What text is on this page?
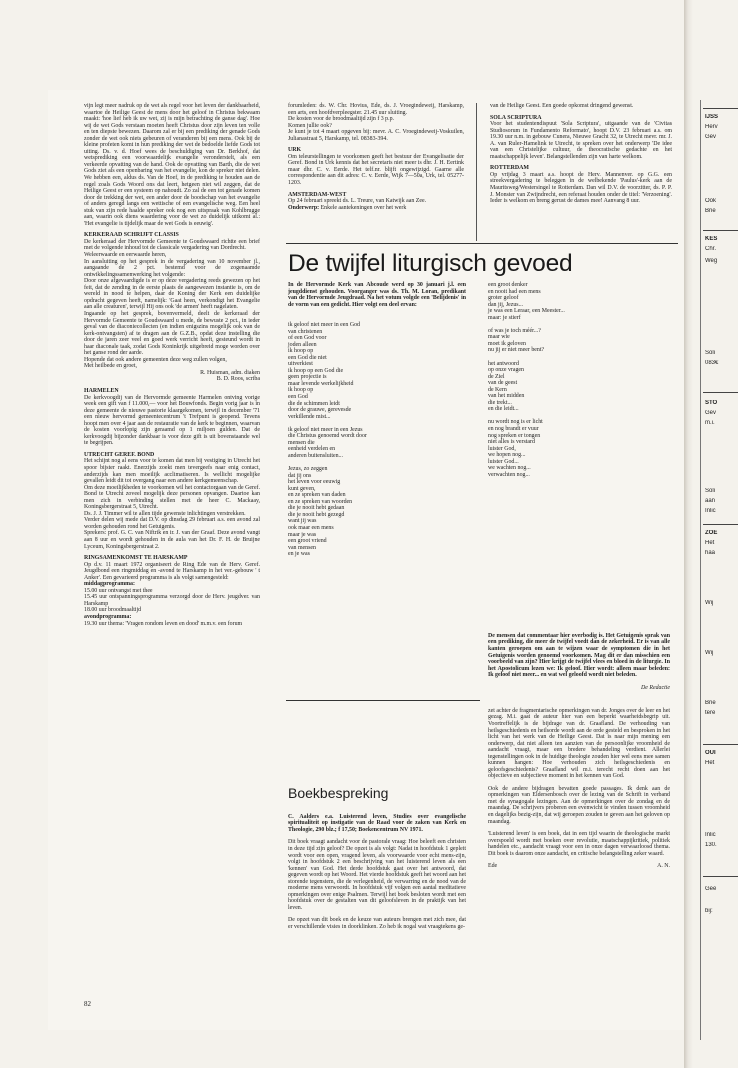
vijn legt meer nadruk op de wet als regel voor het leven der dankbaarheid, waartoe de Heilige Geest de mens door het geloof in Christus bekwaam maakt: 'hoe lief heb ik uw wet, zij is mijn betrachting de ganse dag'. Hoe wij de wet Gods verstaan moeten heeft Christus door zijn leven ten volle en ten diepste bewezen. Daarom zal er bij een prediking der genade Gods zonder de wet ook niets gebeuren of veranderen bij een mens. Ook bij de kleine profeten komt in hun prediking der wet de bedoelde liefde Gods tot uiting. Ds. v. d. Hoef wees de beschuldiging van Dr. Berkhof, dat wetsprediking een voorwaardelijk evangelie veronderstelt, als een verkeerde opvatting van de hand. Ook de opvatting van Barth, die de wet Gods ziet als een openbaring van het evangelie, kon de spreker niet delen. We hebben een, aldus ds. Van de Hoef, in de prediking te houden aan de regel zoals Gods Woord ons dat leert, hetgeen niet wil zeggen, dat de Heilige Geest er een systeem op nahoudt. Zo zal de een tot genade komen door de trekking der wet, een ander door de boodschap van het evangelie of anders geregd langs een wettische of een evangelische weg. Een heel stuk van zijn rede haalde spreker ook nog een uitspraak van Kohlbrugge aan, waarin ook diens waardering voor de wet zo duidelijk uitkomt al.: 'Het evangelie is tijdelijk maar de wet Gods is eeuwig'.

KERKERAAD SCHRIJFT CLASSIS

De kerkeraad der Hervormde Gemeente te Goudswaard richtte een brief met de volgende inhoud tot de classicale vergadering van Dordrecht.

Weleerwaarde en eerwaarde heren,

In aansluiting op het gesprek in de vergadering van 10 november jl., aangaande de 2 pct. bestemd voor de zogenaamde ontwikkelingssamenwerking het volgende:

Door onze afgevaardigde is er op deze vergadering reeds gewezen op het feit, dat de zending in de eerste plaats de aangewezen instantie is, om de wereld in nood te helpen, daar de Koning der Kerk een duidelijke opdracht gegeven heeft, namelijk: 'Gaat heen, verkondigt het Evangelie aan alle creaturen', terwijl Hij ons ook 'de armen' heeft nagelaten.

Ingaande op het gesprek, bovenvermeld, deelt de kerkeraad der Hervormde Gemeente te Goudswaard u mede, de bewuste 2 pct., in ieder geval van de diaconiecollecten (en indien enigszins mogelijk ook van de kerk-ontvangsten) af te dragen aan de G.Z.B., opdat deze instelling die door de jaren zeer veel en goed werk verricht heeft, gesteund wordt in haar diaconale taak, zodat Gods Koninkrijk uitgebreid moge worden over het ganse rond der aarde.

Hopende dat ook andere gemeenten deze weg zullen volgen,

Met heilbede en groet,

R. Huisman, adm. diaken

B. D. Roos, scriba

HARMELEN

De kerkvoogdij van de Hervormde gemeente Harmelen ontving vorige week een gift van f 11.000,— voor het Bouwfonds. Begin vorig jaar is in deze gemeente de nieuwe pastorie klaargekomen, terwijl in december '71 een nieuw hervormd gemeentecentrum 't Trefpunt is geopend. Tevens hoopt men over 4 jaar aan de restauratie van de kerk te beginnen, waarvan de kosten voorlopig zijn geraamd op 1 miljoen gulden. Dat de kerkvoogdij bijzonder dankbaar is voor deze gift is uit bovenstaande wel te begrijpen.

UTRECHT GEREF. BOND

Het schijnt nog al eens voor te komen dat men bij vestiging in Utrecht het spoor bijster raakt. Enerzijds zoekt men tevergeefs naar enig contact, anderzijds kan men moeilijk acclimatiseren. Is wellicht mogelijke gevallen leidt dit tot overgang naar een andere kerkgemeenschap.

Om deze moeilijkheden te voorkomen wil het contactorgaan van de Geref. Bond te Utrecht zoveel mogelijk deze personen opvangen. Daartoe kan men zich in verbinding stellen met de heer C. Mackaay, Koningsbergerstraat 5, Utrecht.

Ds. J. J. Timmer wil te allen tijde gewenste inlichtingen verstrekken.

Verder delen wij mede dat D.V. op dinsdag 29 februari a.s. een avond zal worden gehouden rond het Getuigenis.

Sprekers: prof. G. C. van Niftrik en ir. J. van der Graaf. Deze avond vangt aan 8 uur en wordt gehouden in de aula van het Dr. F. H. de Bruijne Lyceum, Koningsbergerstraat 2.

RINGSAMENKOMST TE HARSKAMP

Op d.v. 11 maart 1972 organiseert de Ring Ede van de Herv. Geref. Jeugdbond een ringmiddag en -avond te Harskamp in het ver.-gebouw ' t Anker'. Een gevarieerd programma is als volgt samengesteld:

middagprogramma:

15.00 uur ontvangst met thee

15.45 uur ontspanningsprogramma verzorgd door de Herv. jeugdver. van Harskamp

18.00 uur broodmaaltijd

avondprogramma:

19.30 uur thema: 'Vragen rondom leven en dood' m.m.v. een forum

forumleden: ds. W. Chr. Hovius, Ede, ds. J. Vroegindeweij, Harskamp, een arts, een hoofdverpleegster. 21.45 uur sluiting.

De kosten voor de broodmaaltijd zijn f 3 p.p.

Komen jullie ook?

Je kunt je tot 4 maart opgeven bij: mevr. A. C. Vroegindeweij-Voskuilen, Julianastraat 5, Harskamp, tel. 08383-394.

URK

Om teleurstellingen te voorkomen geeft het bestuur der Evangelisatie der Geref. Bond in Urk kennis dat het secretaris niet meer is dhr. J. H. Eertink maar dhr. C. v. Eerde. Het telf.nr. blijft ongewijzigd. Gaarne alle correspondentie aan dit adres: C. v. Eerde, Wijk 7—50a, Urk, tel. 05277-1203.

AMSTERDAM-WEST

Op 24 februari spreekt ds. L. Treure, van Katwijk aan Zee.

Onderwerp: Enkele aantekeningen over het werk

van de Heilige Geest. Een goede opkomst dringend gewenst.

SOLA SCRIPTURA

Voor het studentendispuut 'Sola Scriptura', uitgaande van de 'Civitas Studiosorum in Fundamento Reformato', hoopt D.V. 23 februari a.s. om 19.30 uur n.m. in gebouw Cunera, Nieuwe Gracht 32, te Utrecht mevr. mr. J. A. van Ruler-Hamelink te Utrecht, te spreken over het onderwerp 'De idee van een Christelijke cultuur, de theocratische gedachte en het maatschappelijk leven'. Belangstellenden zijn van harte welkom.

ROTTERDAM

Op vrijdag 3 maart a.s. hoopt de Herv. Mannenver. op G.G. een streekvergadering te beleggen in de welbekende 'Paulus'-kerk aan de Mauritsweg/Westersingel te Rotterdam. Dan wil D.V. de voorzitter, ds. P. P. J. Monster van Zwijndrecht, een referaat houden onder de titel: 'Verzoening'. Ieder is welkom en breng gerust de dames mee! Aanvang 8 uur.

De twijfel liturgisch gevoed
In de Hervormde Kerk van Abcoude werd op 30 januari j.l. een jeugddienst gehouden. Voorganger was ds. Th. M. Loran, predikant van de Hervormde Jeugdraad. Na het votum volgde een 'Belijdenis' in de vorm van een gedicht. Hier volgt een deel ervan:

ik geloof niet meer in een God

van christenen

of een God voor

joden alleen

ik hoop op

een God die niet

uitverkiest

ik hoop op een God die

geen projectie is

maar levende werkelijkheid

ik hoop op

een God

die de schimmen leidt

door de grauwe, gerevesde

verkillende mist...

ik geloof niet meer in een Jezus

die Christus genoemd wordt door

mensen die

eenheid verdelen en

anderen buitensluiten...

Jezus, zo zeggen

dat jij ons

het leven voor eeuwig

kunt geven,

en ze spreken van daden

en ze spreken van woorden

die je nooit hebt gedaan

die je nooit hebt gezegd

want jij was

ook maar een mens

maar je was

een groot vriend

van mensen

en je was

een groot denker

en nooit had een mens

groter geloof

dan jij, Jezus...

je was een Leraar, een Meester...

maar: je stierf

of was je toch méér...?

maar wie

moet ik geloven

nu jij er niet meer bent?

het antwoord

op onze vragen

de Ziel

van de geest

de Kern

van het midden

die trekt...

en die leidt...

nu wordt nog is er licht

en nog brandt er vuur

nog spreken er tongen

niet alles is verstard

luister God,

we hopen nog...

luister God...

we wachten nog...

verwachten nog...

De mensen dat commentaar hier overbodig is. Het Getuigenis sprak van een prediking, die meer de twijfel voedt dan de zekerheid. Er is van alle kanten geroepen om aan te wijzen waar de symptomen die in het Getuigenis worden genoemd voorkomen. Mag dit er dan misschien een voorbeeld van zijn? Hier krijgt de twijfel vlees en bloed in de liturgie. In het Apostolicum lezen we: Ik geloof. Hier wordt: alleen maar beleden: Ik geloof niet meer... en wat wel geloofd wordt niet beleden.

De Redactie

Boekbespreking

C. Aalders e.a. Luisterend leven, Studies over evangelische spiritualiteit op instigatie van de Raad voor de zaken van Kerk en Theologie, 290 blz.; f 17,50; Boekencentrum NV 1971.

Dit boek vraagt aandacht voor de pastorale vraag: Hoe beleeft een christen in deze tijd zijn geloof? De opzet is als volgt: Nadat in hoofdstuk 1 gepleit wordt voor een open, vragend leven, als voorwaarde voor echt mens-zijn, volgt in hoofdstuk 2 een beschrijving van het luisterend leven als een 'kennen' van God. Het derde hoofdstuk gaat over het antwoord, dat gegeven wordt op het Woord. Het vierde hoofdstuk geeft het woord aan het storende tegenstem, die de verlegenheid, de verwarring en de nood van de moderne mens verwoordt. In hoofdstuk vijf volgen een aantal meditatieve opmerkingen over enige Psalmen. Terwijl het boek besloten wordt met een hoofdstuk over de gestalten van dit geloofsleven in de praktijk van het leven.

De opzet van dit boek en de keuze van auteurs brengen met zich mee, dat er verschillende visies in doorklinken. Zo heb ik nogal wat vraagtekens ge-

zet achter de fragmentarische opmerkingen van dr. Jonges over de leer en het gezag. M.i. gaat de auteur hier van een beperkt waarheidsbegrip uit. Voortreffelijk is de bijdrage van dr. Graafland. De verhouding van heilsgeschiedenis en heilsorde wordt aan de orde gesteld en besproken in het licht van het werk van de Heilige Geest. Dat is naar mijn mening een onderwerp, dat niet alleen ten aanzien van de persoonlijke vroomheid de aandacht vraagt, maar een bredere behandeling verdient. Allerlei tegenstellingen ook in de huidige theologie zouden hier wel eens mee samen kunnen hangen: Hoe verhouden zich heilsgeschiedenis en geloofsgeschiedenis? Graafland wil m.i. terecht recht doen aan het objectieve en subjectieve moment in het kennen van God.

Ook de andere bijdragen bevatten goede passages. Ik denk aan de opmerkingen van Eldersenbosch over de lezing van de Schrift in verband met de synagogale lezingen. Aan de opmerkingen over de zondag en de maandag. De schrijvers proberen een evenwicht te vinden tussen vroomheid en dagelijks bezig-zijn, dat wij geroepen zouden te geven aan het geloven op maandag.

'Luisterend leven' is een boek, dat in een tijd waarin de theologische markt overspoeld wordt met boeken over revolutie, maatschappijkritiek, politiek handelen etc., aandacht vraagt voor een in onze dagen verwaarloosd thema. Dit boek is daarom onze aandacht, en critische belangstelling zeker waard.

Ede	A. N.
82
IJSS
Herv
Gev
Ook
Brie
KES
Chr.
Weg
Soli
083€
STO
Gev
m.i.
Soli
aan
Inlic
ZOE
Het
haa
Wij
Wij
Brie
tere
OUI
Het
Inlic
130.
Gee
bij:
